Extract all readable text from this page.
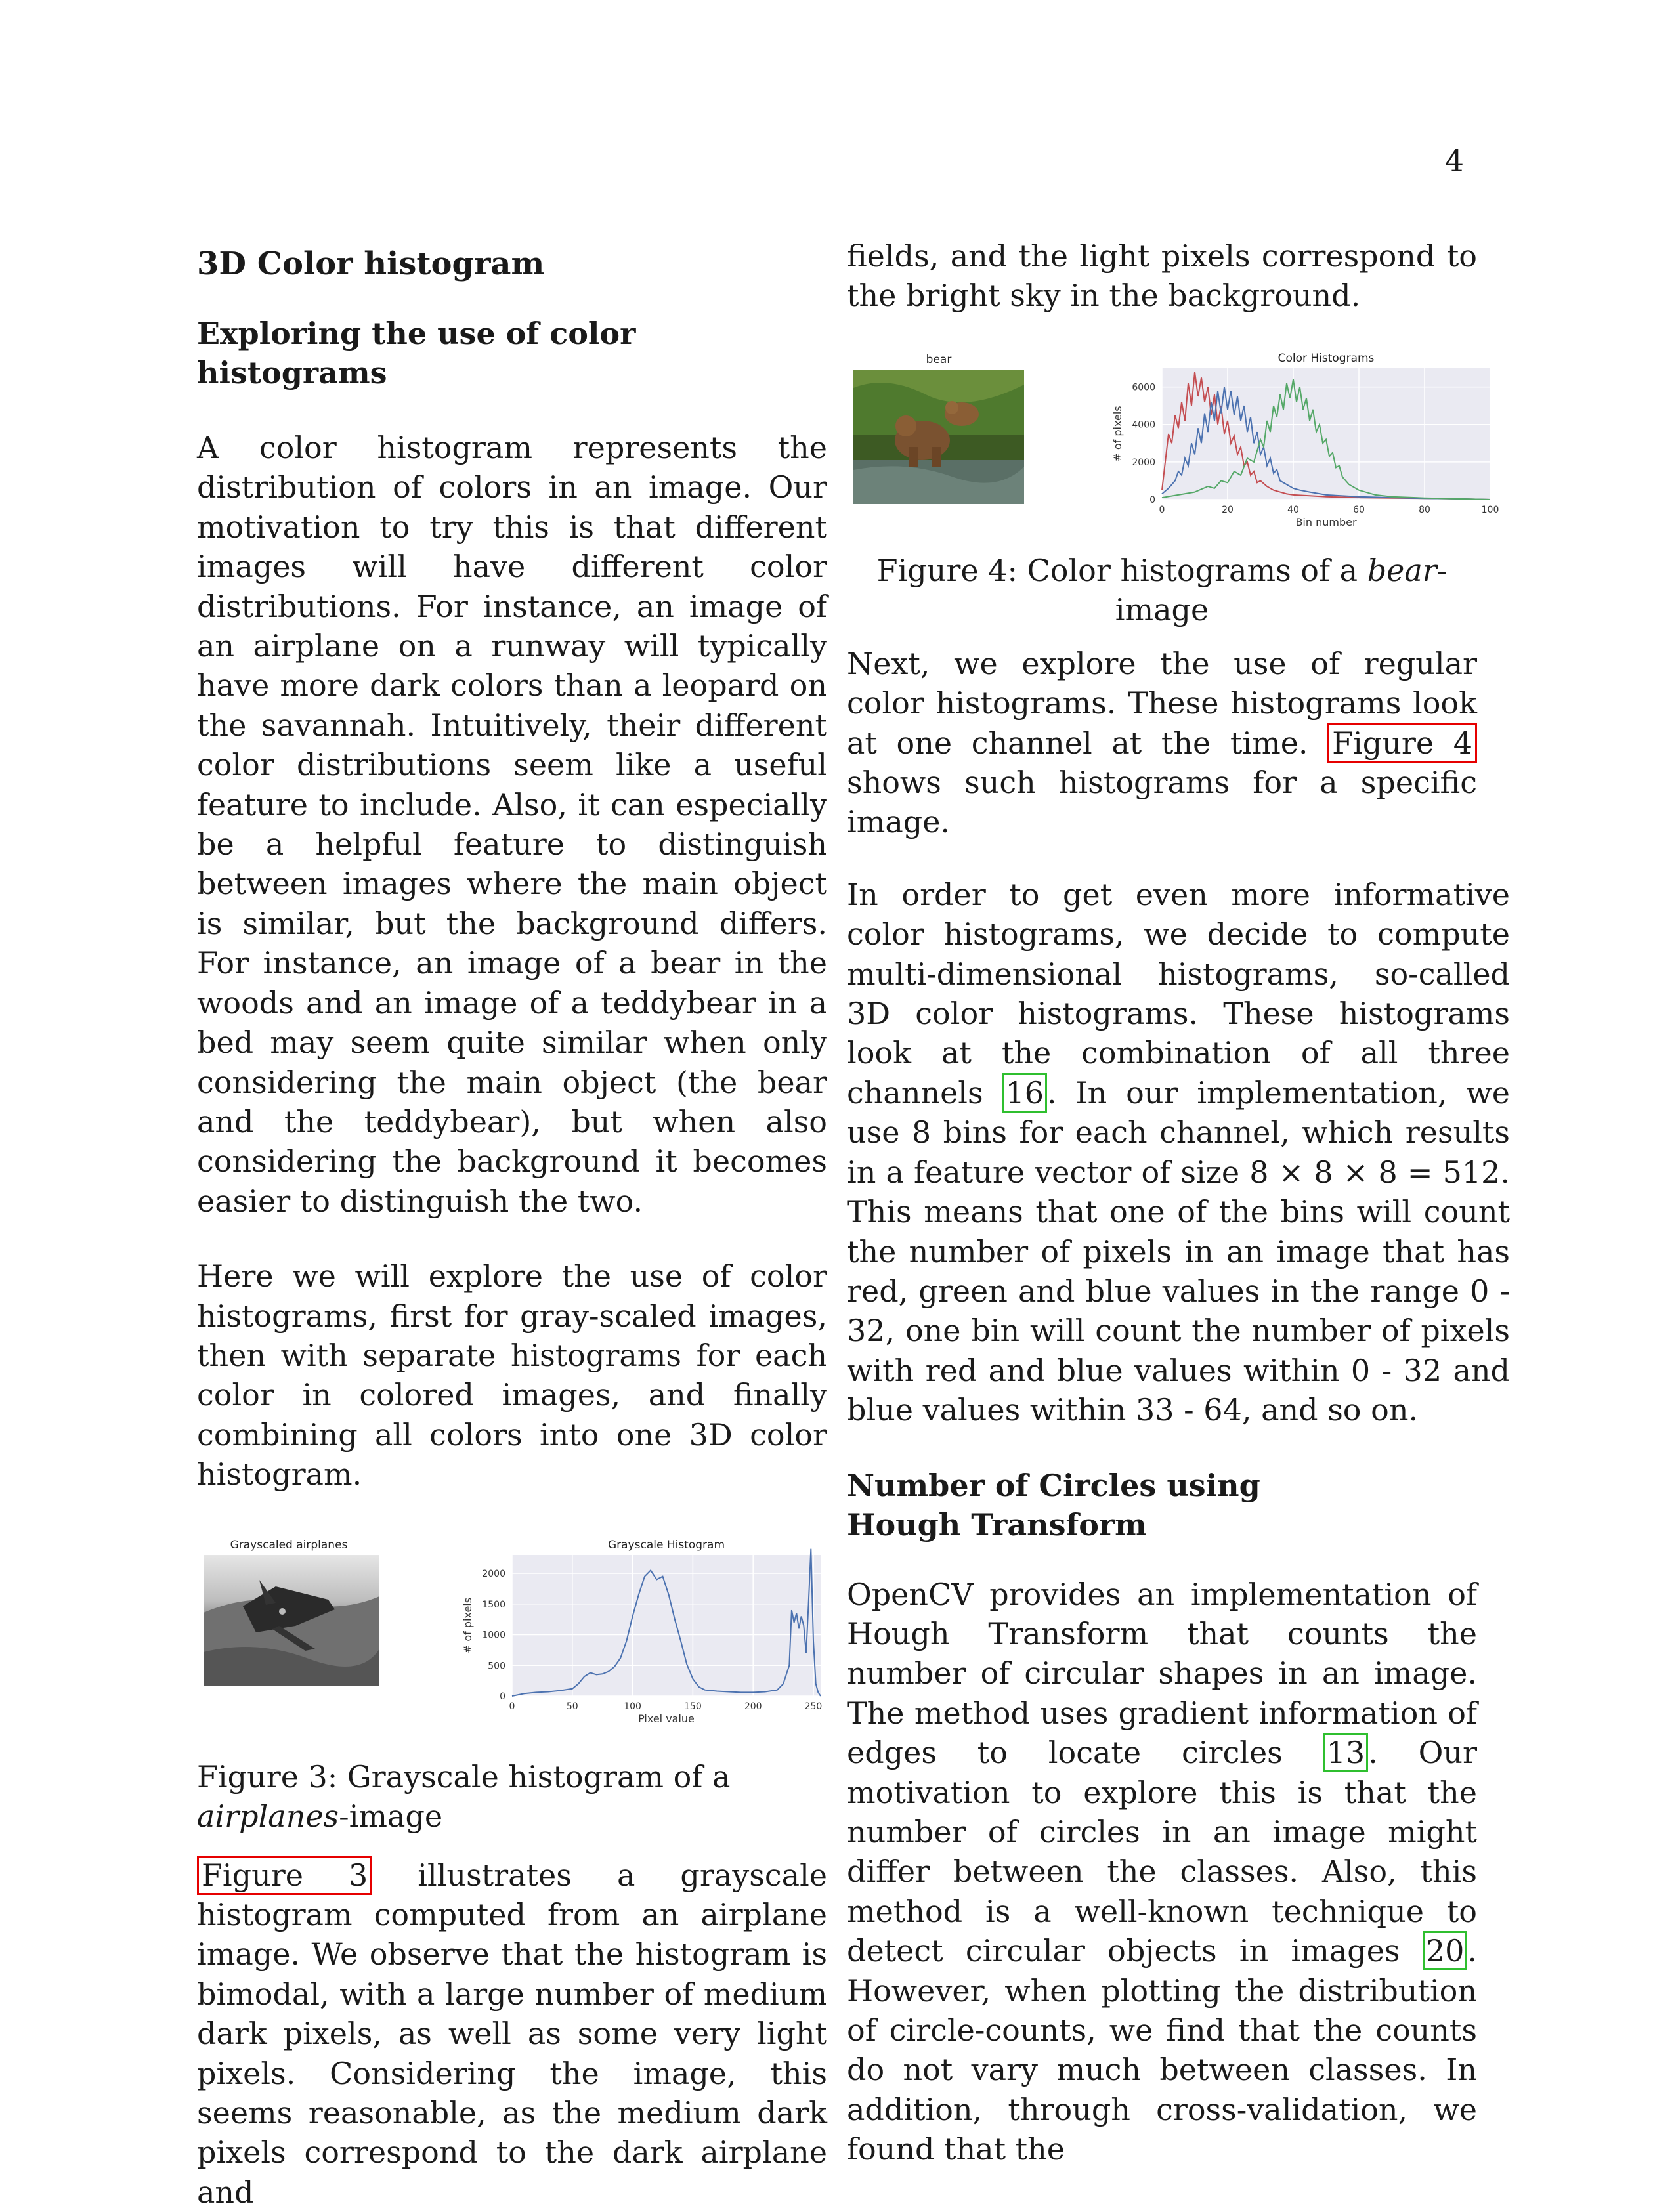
4
3D Color histogram
Exploring the use of color histograms

A color histogram represents the distribution of colors in an image. Our motivation to try this is that different images will have different color distributions. For instance, an image of an airplane on a runway will typically have more dark colors than a leopard on the savannah. Intuitively, their different color distributions seem like a useful feature to include. Also, it can especially be a helpful feature to distinguish between images where the main object is similar, but the background differs. For instance, an image of a bear in the woods and an image of a teddybear in a bed may seem quite similar when only considering the main object (the bear and the teddybear), but when also considering the background it becomes easier to distinguish the two.

Here we will explore the use of color histograms, first for gray-scaled images, then with separate histograms for each color in colored images, and finally combining all colors into one 3D color histogram.

Grayscaled airplanes
0
500
1000
1500
2000
0	50	100	150	200	250
Grayscale Histogram
Pixel value
# of pixels

Figure 3: Grayscale histogram of a airplanes-image

Figure 3 illustrates a grayscale histogram computed from an airplane image. We observe that the histogram is bimodal, with a large number of medium dark pixels, as well as some very light pixels. Considering the image, this seems reasonable, as the medium dark pixels correspond to the dark airplane and

fields, and the light pixels correspond to the bright sky in the background.

bear
0
2000
4000
6000
0	20	40	60	80	100
Color Histograms
Bin number
# of pixels

Figure 4: Color histograms of a bear-image

Next, we explore the use of regular color histograms. These histograms look at one channel at the time. Figure 4 shows such histograms for a specific image.

In order to get even more informative color histograms, we decide to compute multi-dimensional histograms, so-called 3D color histograms. These histograms look at the combination of all three channels 16 . In our implementation, we use 8 bins for each channel, which results in a feature vector of size 8 × 8 × 8 = 512. This means that one of the bins will count the number of pixels in an image that has red, green and blue values in the range 0 - 32, one bin will count the number of pixels with red and blue values within 0 - 32 and blue values within 33 - 64, and so on.

Number of Circles using Hough Transform

OpenCV provides an implementation of Hough Transform that counts the number of circular shapes in an image. The method uses gradient information of edges to locate circles 13 . Our motivation to explore this is that the number of circles in an image might differ between the classes. Also, this method is a well-known technique to detect circular objects in images 20 . However, when plotting the distribution of circle-counts, we find that the counts do not vary much between classes. In addition, through cross-validation, we found that the
